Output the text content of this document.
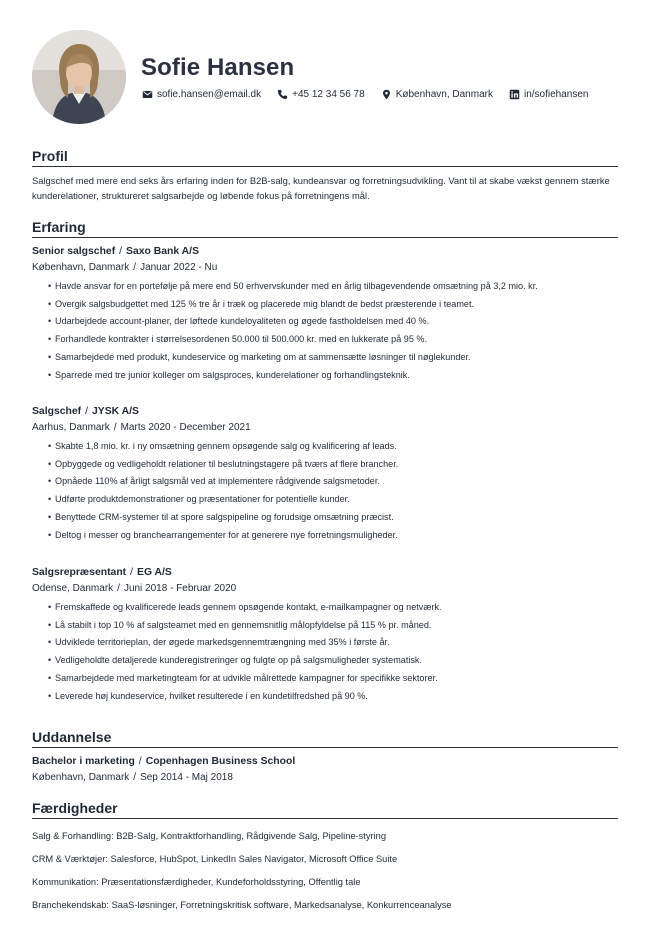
Sofie Hansen
sofie.hansen@email.dk	+45 12 34 56 78	København, Danmark	in/sofiehansen
Profil
Salgschef med mere end seks års erfaring inden for B2B-salg, kundeansvar og forretningsudvikling. Vant til at skabe vækst gennem stærke kunderelationer, struktureret salgsarbejde og løbende fokus på forretningens mål.
Erfaring
Senior salgschef / Saxo Bank A/S
København, Danmark / Januar 2022 - Nu
• Havde ansvar for en portefølje på mere end 50 erhvervskunder med en årlig tilbagevendende omsætning på 3,2 mio. kr.
• Overgik salgsbudgettet med 125 % tre år i træk og placerede mig blandt de bedst præsterende i teamet.
• Udarbejdede account-planer, der løftede kundeloyaliteten og øgede fastholdelsen med 40 %.
• Forhandlede kontrakter i størrelsesordenen 50.000 til 500.000 kr. med en lukkerate på 95 %.
• Samarbejdede med produkt, kundeservice og marketing om at sammensætte løsninger til nøglekunder.
• Sparrede med tre junior kolleger om salgsproces, kunderelationer og forhandlingsteknik.
Salgschef / JYSK A/S
Aarhus, Danmark / Marts 2020 - December 2021
• Skabte 1,8 mio. kr. i ny omsætning gennem opsøgende salg og kvalificering af leads.
• Opbyggede og vedligeholdt relationer til beslutningstagere på tværs af flere brancher.
• Opnåede 110% af årligt salgsmål ved at implementere rådgivende salgsmetoder.
• Udførte produktdemonstrationer og præsentationer for potentielle kunder.
• Benyttede CRM-systemer til at spore salgspipeline og forudsige omsætning præcist.
• Deltog i messer og branchearrangementer for at generere nye forretningsmuligheder.
Salgsrepræsentant / EG A/S
Odense, Danmark / Juni 2018 - Februar 2020
• Fremskaffede og kvalificerede leads gennem opsøgende kontakt, e-mailkampagner og netværk.
• Lå stabilt i top 10 % af salgsteamet med en gennemsnitlig målopfyldelse på 115 % pr. måned.
• Udviklede territorieplan, der øgede markedsgennemtrængning med 35% i første år.
• Vedligeholdte detaljerede kunderegistreringer og fulgte op på salgsmuligheder systematisk.
• Samarbejdede med marketingteam for at udvikle målrettede kampagner for specifikke sektorer.
• Leverede høj kundeservice, hvilket resulterede i en kundetilfredshed på 90 %.
Uddannelse
Bachelor i marketing / Copenhagen Business School
København, Danmark / Sep 2014 - Maj 2018
Færdigheder
Salg & Forhandling: B2B-Salg, Kontraktforhandling, Rådgivende Salg, Pipeline-styring
CRM & Værktøjer: Salesforce, HubSpot, LinkedIn Sales Navigator, Microsoft Office Suite
Kommunikation: Præsentationsfærdigheder, Kundeforholdsstyring, Offentlig tale
Branchekendskab: SaaS-løsninger, Forretningskritisk software, Markedsanalyse, Konkurrenceanalyse
